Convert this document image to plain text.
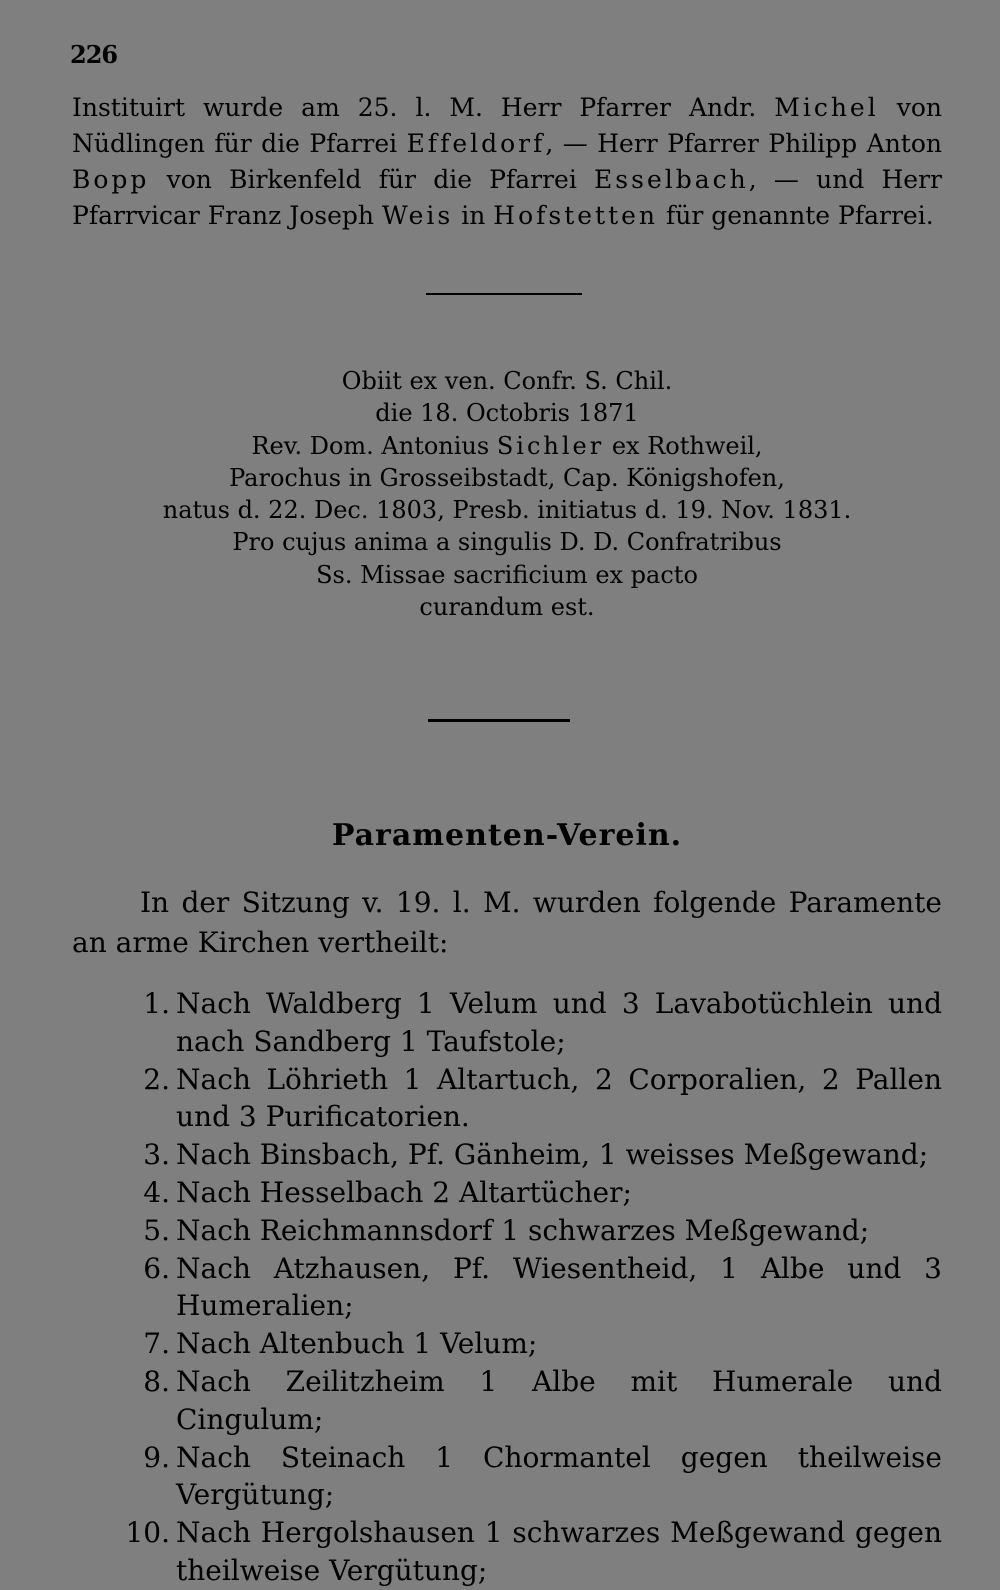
226

Instituirt wurde am 25. l. M. Herr Pfarrer Andr. Michel von Nüdlingen für die Pfarrei Effeldorf, — Herr Pfarrer Philipp Anton Bopp von Birkenfeld für die Pfarrei Esselbach, — und Herr Pfarrvicar Franz Joseph Weis in Hofstetten für genannte Pfarrei.

Obiit ex ven. Confr. S. Chil.
die 18. Octobris 1871
Rev. Dom. Antonius Sichler ex Rothweil,
Parochus in Grosseibstadt, Cap. Königshofen,
natus d. 22. Dec. 1803, Presb. initiatus d. 19. Nov. 1831.
Pro cujus anima a singulis D. D. Confratribus
Ss. Missae sacrificium ex pacto
curandum est.
Paramenten-Verein.

In der Sitzung v. 19. l. M. wurden folgende Paramente an arme Kirchen vertheilt:

1. Nach Waldberg 1 Velum und 3 Lavabotüchlein und nach Sandberg 1 Taufstole;
2. Nach Löhrieth 1 Altartuch, 2 Corporalien, 2 Pallen und 3 Purificatorien.
3. Nach Binsbach, Pf. Gänheim, 1 weisses Meßgewand;
4. Nach Hesselbach 2 Altartücher;
5. Nach Reichmannsdorf 1 schwarzes Meßgewand;
6. Nach Atzhausen, Pf. Wiesentheid, 1 Albe und 3 Humeralien;
7. Nach Altenbuch 1 Velum;
8. Nach Zeilitzheim 1 Albe mit Humerale und Cingulum;
9. Nach Steinach 1 Chormantel gegen theilweise Vergütung;
10. Nach Hergolshausen 1 schwarzes Meßgewand gegen theilweise Vergütung;
